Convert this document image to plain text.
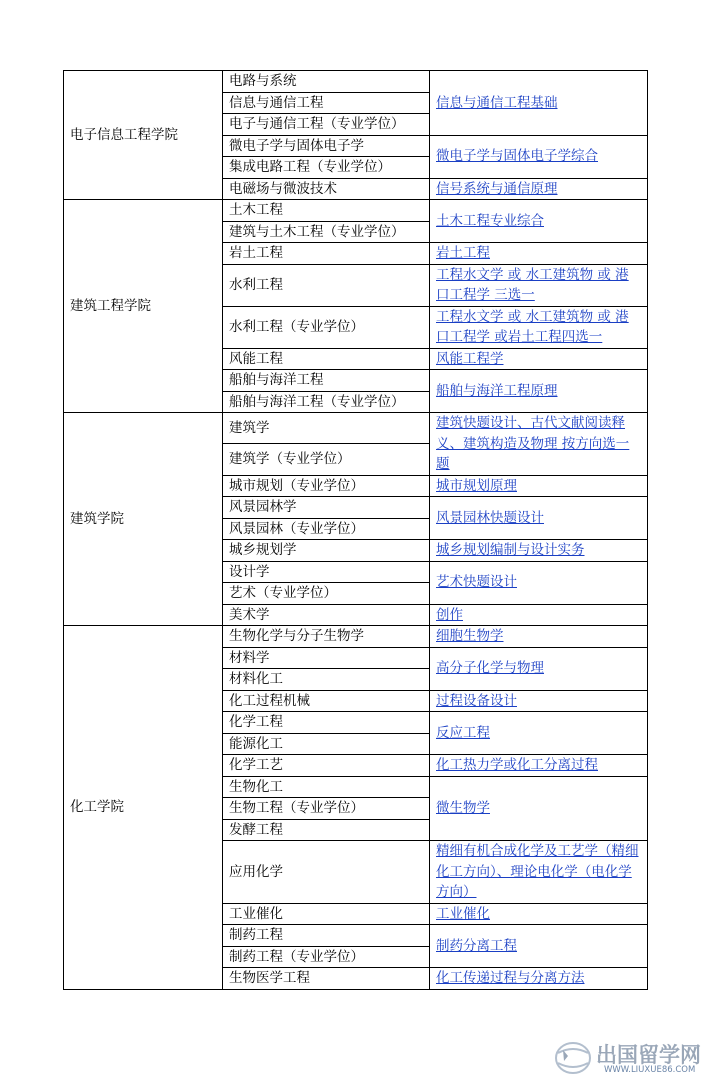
电子信息工程学院	电路与系统	信息与通信工程基础
	信息与通信工程	
	电子与通信工程（专业学位）	
	微电子学与固体电子学	微电子学与固体电子学综合
	集成电路工程（专业学位）	
	电磁场与微波技术	信号系统与通信原理
建筑工程学院	土木工程	土木工程专业综合
	建筑与土木工程（专业学位）	
	岩土工程	岩土工程
	水利工程	工程水文学 或 水工建筑物 或 港口工程学 三选一
	水利工程（专业学位）	工程水文学 或 水工建筑物 或 港口工程学 或岩土工程四选一
	风能工程	风能工程学
	船舶与海洋工程	船舶与海洋工程原理
	船舶与海洋工程（专业学位）	
建筑学院	建筑学	建筑快题设计、古代文献阅读释义、建筑构造及物理 按方向选一题
	建筑学（专业学位）	
	城市规划（专业学位）	城市规划原理
	风景园林学	风景园林快题设计
	风景园林（专业学位）	
	城乡规划学	城乡规划编制与设计实务
	设计学	艺术快题设计
	艺术（专业学位）	
	美术学	创作
化工学院	生物化学与分子生物学	细胞生物学
	材料学	高分子化学与物理
	材料化工	
	化工过程机械	过程设备设计
	化学工程	反应工程
	能源化工	
	化学工艺	化工热力学或化工分离过程
	生物化工	微生物学
	生物工程（专业学位）	
	发酵工程	
	应用化学	精细有机合成化学及工艺学（精细化工方向）、理论电化学（电化学方向）
	工业催化	工业催化
	制药工程	制药分离工程
	制药工程（专业学位）	
	生物医学工程	化工传递过程与分离方法
出国留学网
WWW.LIUXUE86.COM
